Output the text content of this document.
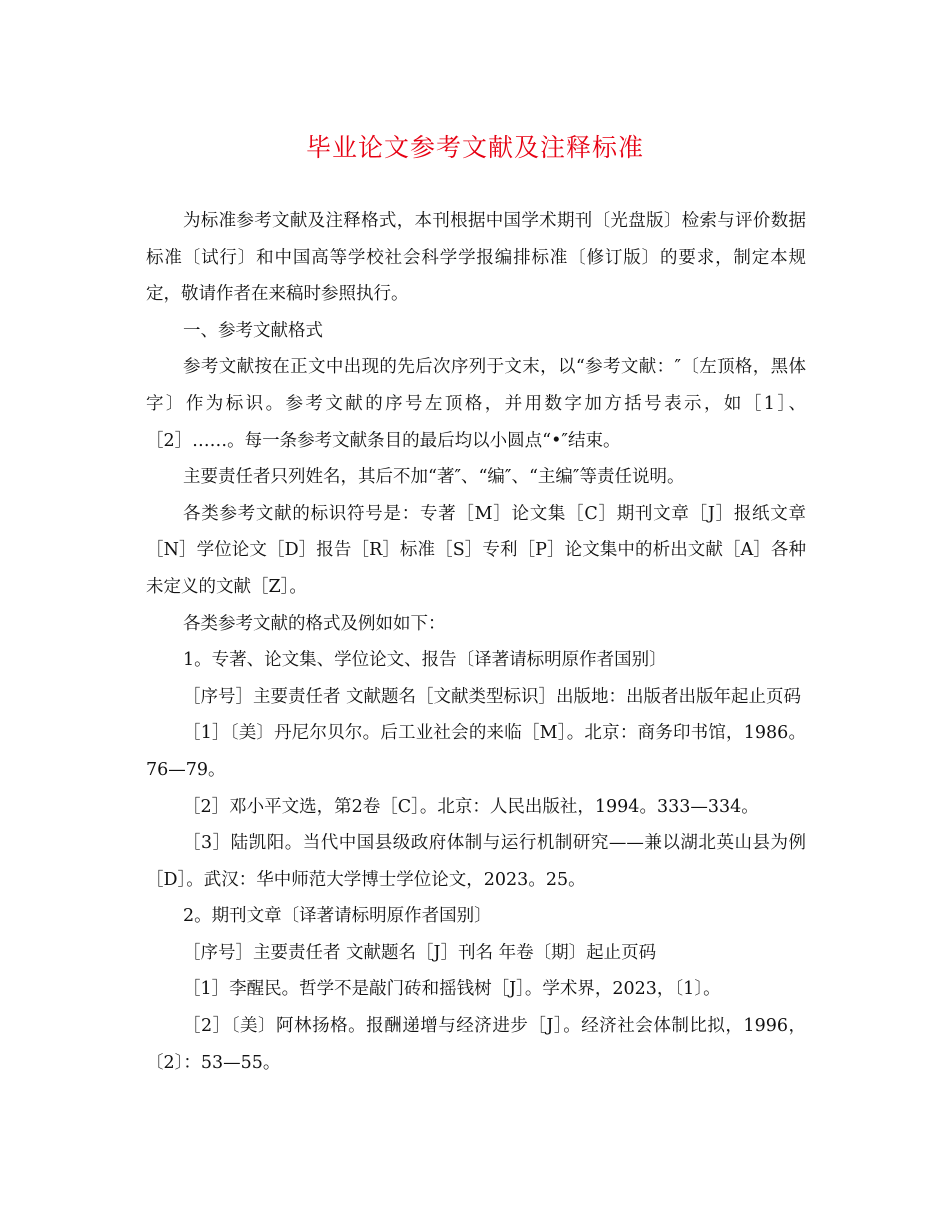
毕业论文参考文献及注释标准

为标准参考文献及注释格式，本刊根据中国学术期刊〔光盘版〕检索与评价数据标准〔试行〕和中国高等学校社会科学学报编排标准〔修订版〕的要求，制定本规定，敬请作者在来稿时参照执行。

一、参考文献格式

参考文献按在正文中出现的先后次序列于文末，以“参考文献：″〔左顶格，黑体字〕作为标识。参考文献的序号左顶格，并用数字加方括号表示，如［1］、［2］……。每一条参考文献条目的最后均以小圆点“•″结束。

主要责任者只列姓名，其后不加“著″、“编″、“主编″等责任说明。

各类参考文献的标识符号是：专著［M］论文集［C］期刊文章［J］报纸文章［N］学位论文［D］报告［R］标准［S］专利［P］论文集中的析出文献［A］各种未定义的文献［Z］。

各类参考文献的格式及例如如下：

1。专著、论文集、学位论文、报告〔译著请标明原作者国别〕

［序号］主要责任者 文献题名［文献类型标识］出版地：出版者出版年起止页码

［1］〔美〕丹尼尔贝尔。后工业社会的来临［M］。北京：商务印书馆，1986。76—79。

［2］邓小平文选，第2卷［C］。北京：人民出版社，1994。333—334。

［3］陆凯阳。当代中国县级政府体制与运行机制研究——兼以湖北英山县为例［D］。武汉：华中师范大学博士学位论文，2023。25。

2。期刊文章〔译著请标明原作者国别〕

［序号］主要责任者 文献题名［J］刊名 年卷〔期〕起止页码

［1］李醒民。哲学不是敲门砖和摇钱树［J］。学术界，2023，〔1〕。

［2］〔美〕阿林扬格。报酬递增与经济进步［J］。经济社会体制比拟，1996，〔2〕：53—55。
